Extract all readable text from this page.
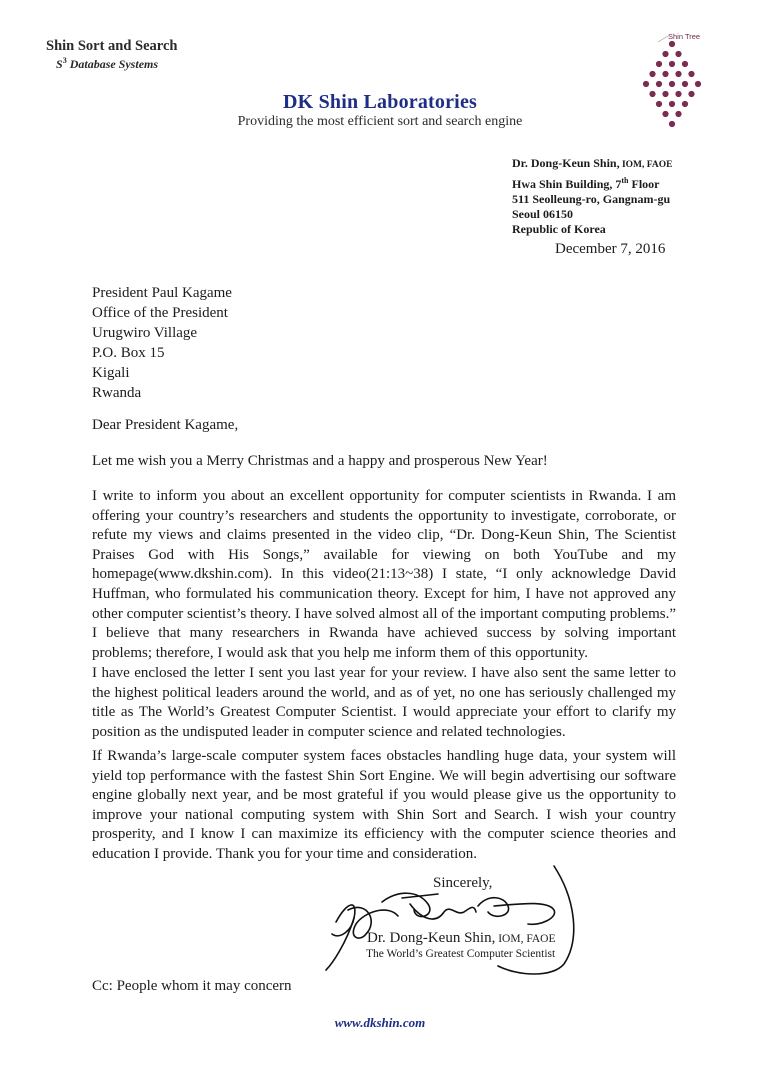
Shin Sort and Search
$S^3$ Database Systems
DK Shin Laboratories
Providing the most efficient sort and search engine
Shin Tree
Dr. Dong-Keun Shin, IOM, FAOE
Hwa Shin Building, 7th Floor
511 Seolleung-ro, Gangnam-gu
Seoul 06150
Republic of Korea
December 7, 2016
President Paul Kagame
Office of the President
Urugwiro Village
P.O. Box 15
Kigali
Rwanda
Dear President Kagame,
Let me wish you a Merry Christmas and a happy and prosperous New Year!
I write to inform you about an excellent opportunity for computer scientists in Rwanda. I am offering your country’s researchers and students the opportunity to investigate, corroborate, or refute my views and claims presented in the video clip, “Dr. Dong-Keun Shin, The Scientist Praises God with His Songs,” available for viewing on both YouTube and my homepage(www.dkshin.com). In this video(21:13~38) I state, “I only acknowledge David Huffman, who formulated his communication theory. Except for him, I have not approved any other computer scientist’s theory. I have solved almost all of the important computing problems.” I believe that many researchers in Rwanda have achieved success by solving important problems; therefore, I would ask that you help me inform them of this opportunity.
I have enclosed the letter I sent you last year for your review. I have also sent the same letter to the highest political leaders around the world, and as of yet, no one has seriously challenged my title as The World’s Greatest Computer Scientist. I would appreciate your effort to clarify my position as the undisputed leader in computer science and related technologies.
If Rwanda’s large-scale computer system faces obstacles handling huge data, your system will yield top performance with the fastest Shin Sort Engine. We will begin advertising our software engine globally next year, and be most grateful if you would please give us the opportunity to improve your national computing system with Shin Sort and Search. I wish your country prosperity, and I know I can maximize its efficiency with the computer science theories and education I provide. Thank you for your time and consideration.
Sincerely,
Dr. Dong-Keun Shin, IOM, FAOE
The World’s Greatest Computer Scientist
Cc: People whom it may concern
www.dkshin.com
